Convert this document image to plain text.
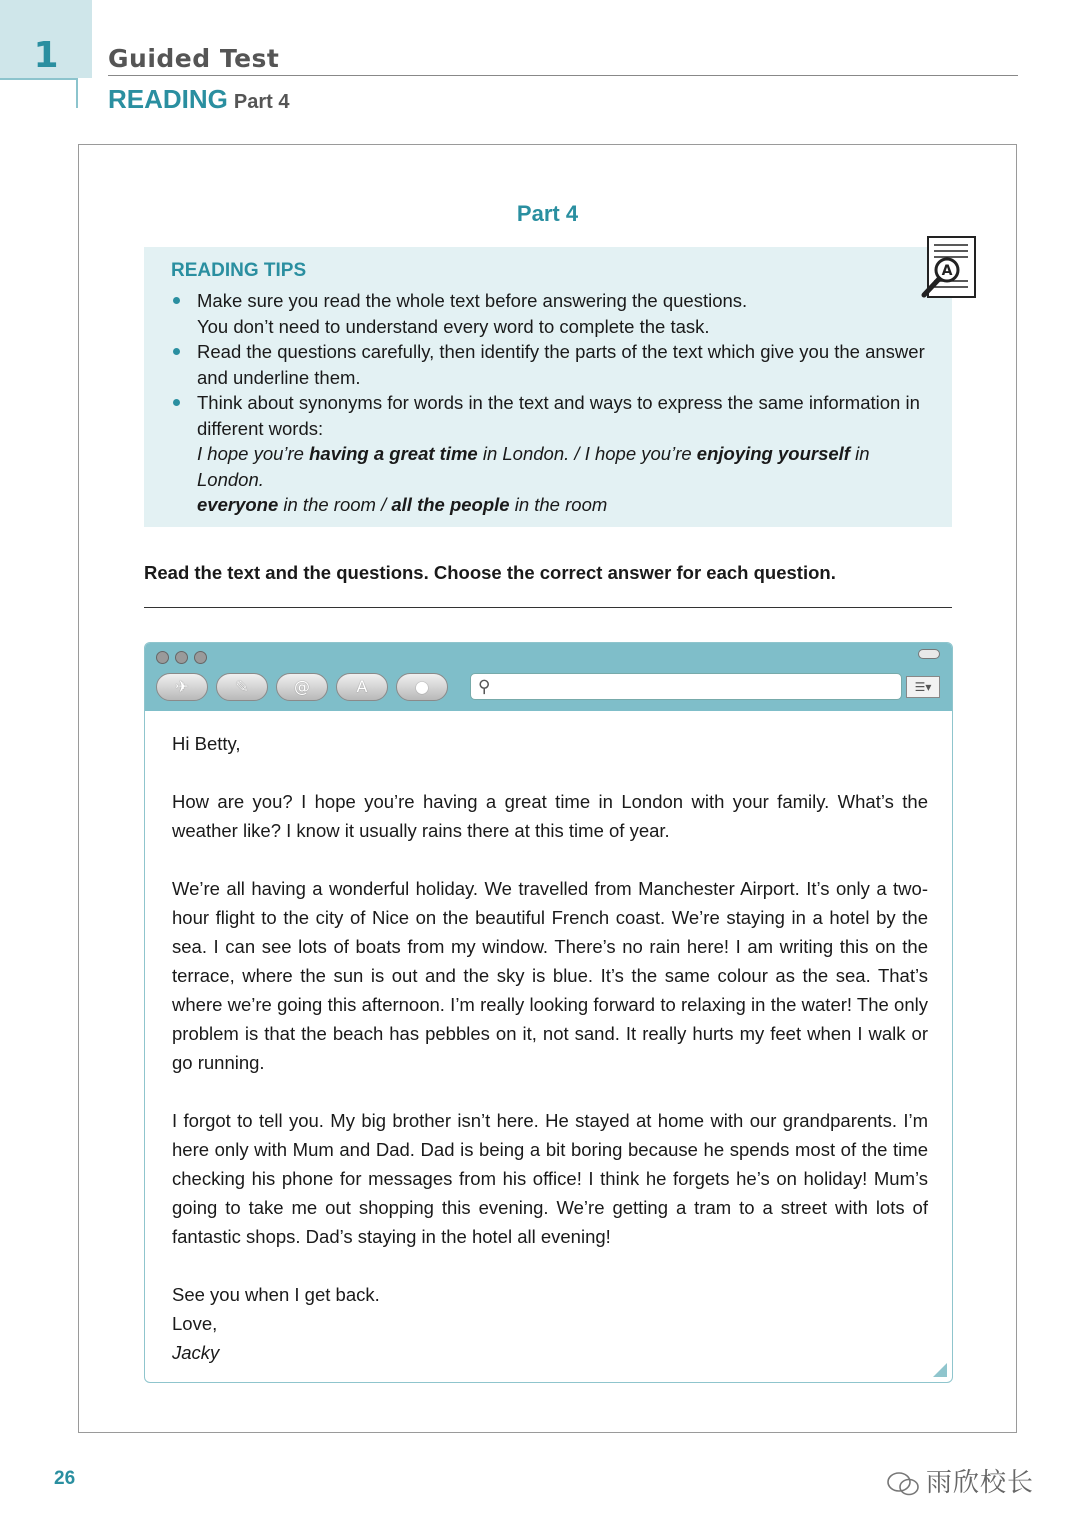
1	Guided Test
READING Part 4
Part 4
READING TIPS

Make sure you read the whole text before answering the questions.

You don’t need to understand every word to complete the task.

Read the questions carefully, then identify the parts of the text which give you the answer and underline them.

Think about synonyms for words in the text and ways to express the same information in different words:

I hope you’re having a great time in London. / I hope you’re enjoying yourself in London.

everyone in the room / all the people in the room

A
Read the text and the questions. Choose the correct answer for each question.
✈	✎	@	A	●	⚲	☰▾

Hi Betty,

How are you? I hope you’re having a great time in London with your family. What’s the weather like? I know it usually rains there at this time of year.

We’re all having a wonderful holiday. We travelled from Manchester Airport. It’s only a two-hour flight to the city of Nice on the beautiful French coast. We’re staying in a hotel by the sea. I can see lots of boats from my window. There’s no rain here! I am writing this on the terrace, where the sun is out and the sky is blue. It’s the same colour as the sea. That’s where we’re going this afternoon. I’m really looking forward to relaxing in the water! The only problem is that the beach has pebbles on it, not sand. It really hurts my feet when I walk or go running.

I forgot to tell you. My big brother isn’t here. He stayed at home with our grandparents. I’m here only with Mum and Dad. Dad is being a bit boring because he spends most of the time checking his phone for messages from his office! I think he forgets he’s on holiday! Mum’s going to take me out shopping this evening. We’re getting a tram to a street with lots of fantastic shops. Dad’s staying in the hotel all evening!

See you when I get back.

Love,

Jacky

26	雨欣校长
